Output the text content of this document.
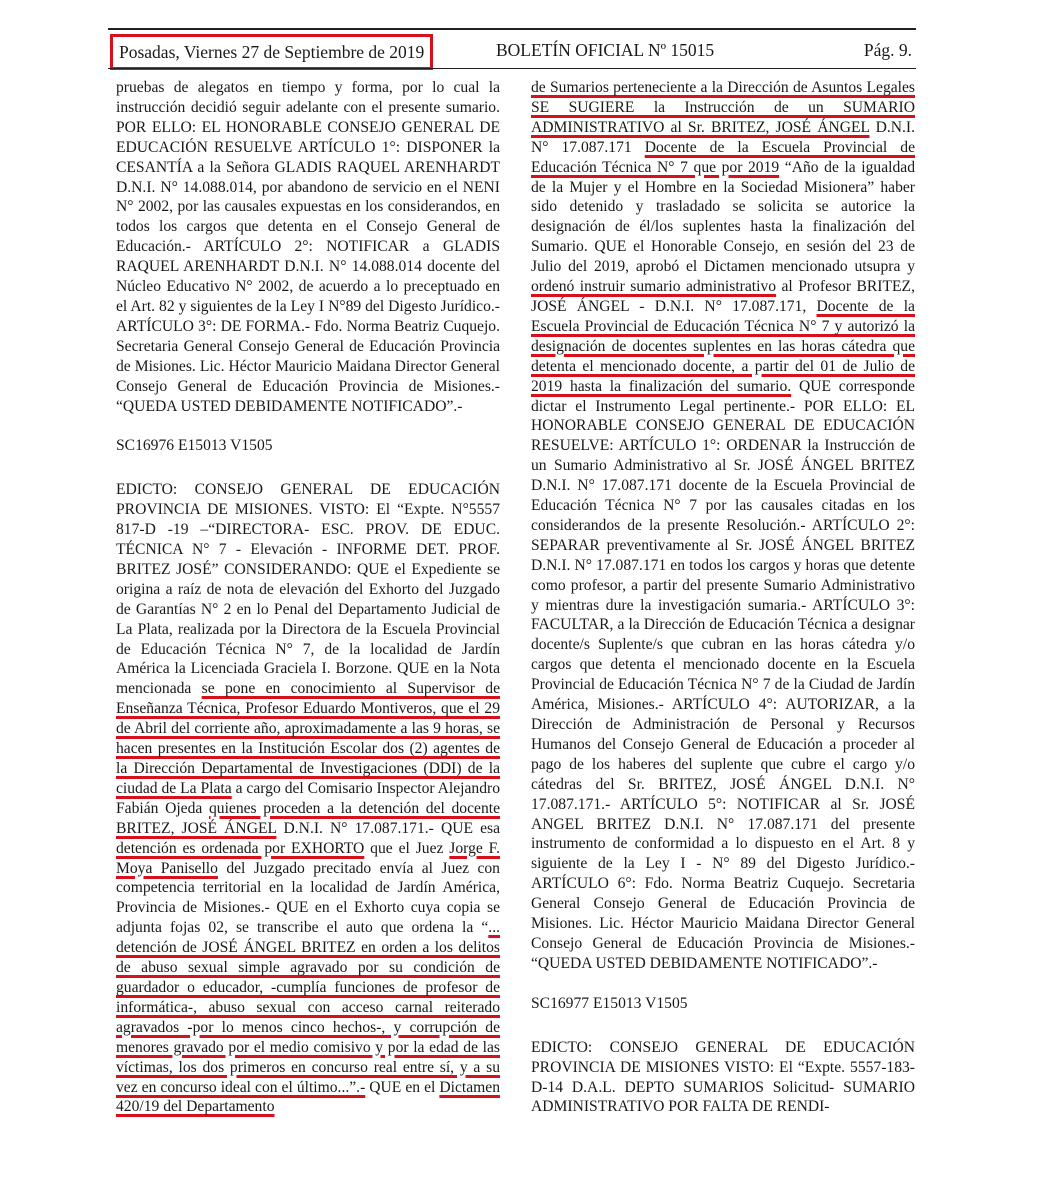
Posadas, Viernes 27 de Septiembre de 2019	BOLETÍN OFICIAL Nº 15015	Pág. 9.

pruebas de alegatos en tiempo y forma, por lo cual la instrucción decidió seguir adelante con el presente sumario. POR ELLO: EL HONORABLE CONSEJO GENERAL DE EDUCACIÓN RESUELVE ARTÍCULO 1°: DISPONER la CESANTÍA a la Señora GLADIS RAQUEL ARENHARDT D.N.I. N° 14.088.014, por abandono de servicio en el NENI N° 2002, por las causales expuestas en los considerandos, en todos los cargos que detenta en el Consejo General de Educación.- ARTÍCULO 2°: NOTIFICAR a GLADIS RAQUEL ARENHARDT D.N.I. N° 14.088.014 docente del Núcleo Educativo N° 2002, de acuerdo a lo preceptuado en el Art. 82 y siguientes de la Ley I N°89 del Digesto Jurídico.- ARTÍCULO 3°: DE FORMA.- Fdo. Norma Beatriz Cuquejo. Secretaria General Consejo General de Educación Provincia de Misiones. Lic. Héctor Mauricio Maidana Director General Consejo General de Educación Provincia de Misiones.- “QUEDA USTED DEBIDAMENTE NOTIFICADO”.-

SC16976 E15013 V1505

EDICTO: CONSEJO GENERAL DE EDUCACIÓN PROVINCIA DE MISIONES. VISTO: El “Expte. N°5557 817-D -19 –“DIRECTORA- ESC. PROV. DE EDUC. TÉCNICA N° 7 - Elevación - INFORME DET. PROF. BRITEZ JOSÉ” CONSIDERANDO: QUE el Expediente se origina a raíz de nota de elevación del Exhorto del Juzgado de Garantías N° 2 en lo Penal del Departamento Judicial de La Plata, realizada por la Directora de la Escuela Provincial de Educación Técnica N° 7, de la localidad de Jardín América la Licenciada Graciela I. Borzone. QUE en la Nota mencionada se pone en conocimiento al Supervisor de Enseñanza Técnica, Profesor Eduardo Montiveros, que el 29 de Abril del corriente año, aproximadamente a las 9 horas, se hacen presentes en la Institución Escolar dos (2) agentes de la Dirección Departamental de Investigaciones (DDI) de la ciudad de La Plata a cargo del Comisario Inspector Alejandro Fabián Ojeda quienes proceden a la detención del docente BRITEZ, JOSÉ ÁNGEL D.N.I. N° 17.087.171.- QUE esa detención es ordenada por EXHORTO que el Juez Jorge F. Moya Panisello del Juzgado precitado envía al Juez con competencia territorial en la localidad de Jardín América, Provincia de Misiones.- QUE en el Exhorto cuya copia se adjunta fojas 02, se transcribe el auto que ordena la “... detención de JOSÉ ÁNGEL BRITEZ en orden a los delitos de abuso sexual simple agravado por su condición de guardador o educador, -cumplía funciones de profesor de informática-, abuso sexual con acceso carnal reiterado agravados -por lo menos cinco hechos-, y corrupción de menores gravado por el medio comisivo y por la edad de las víctimas, los dos primeros en concurso real entre sí, y a su vez en concurso ideal con el último...”.- QUE en el Dictamen 420/19 del Departamento

de Sumarios perteneciente a la Dirección de Asuntos Legales SE SUGIERE la Instrucción de un SUMARIO ADMINISTRATIVO al Sr. BRITEZ, JOSÉ ÁNGEL D.N.I. N° 17.087.171 Docente de la Escuela Provincial de Educación Técnica N° 7 que por 2019 “Año de la igualdad de la Mujer y el Hombre en la Sociedad Misionera” haber sido detenido y trasladado se solicita se autorice la designación de él/los suplentes hasta la finalización del Sumario. QUE el Honorable Consejo, en sesión del 23 de Julio del 2019, aprobó el Dictamen mencionado utsupra y ordenó instruir sumario administrativo al Profesor BRITEZ, JOSÉ ÁNGEL - D.N.I. N° 17.087.171, Docente de la Escuela Provincial de Educación Técnica N° 7 y autorizó la designación de docentes suplentes en las horas cátedra que detenta el mencionado docente, a partir del 01 de Julio de 2019 hasta la finalización del sumario. QUE corresponde dictar el Instrumento Legal pertinente.- POR ELLO: EL HONORABLE CONSEJO GENERAL DE EDUCACIÓN RESUELVE: ARTÍCULO 1°: ORDENAR la Instrucción de un Sumario Administrativo al Sr. JOSÉ ÁNGEL BRITEZ D.N.I. N° 17.087.171 docente de la Escuela Provincial de Educación Técnica N° 7 por las causales citadas en los considerandos de la presente Resolución.- ARTÍCULO 2°: SEPARAR preventivamente al Sr. JOSÉ ÁNGEL BRITEZ D.N.I. N° 17.087.171 en todos los cargos y horas que detente como profesor, a partir del presente Sumario Administrativo y mientras dure la investigación sumaria.- ARTÍCULO 3°: FACULTAR, a la Dirección de Educación Técnica a designar docente/s Suplente/s que cubran en las horas cátedra y/o cargos que detenta el mencionado docente en la Escuela Provincial de Educación Técnica N° 7 de la Ciudad de Jardín América, Misiones.- ARTÍCULO 4°: AUTORIZAR, a la Dirección de Administración de Personal y Recursos Humanos del Consejo General de Educación a proceder al pago de los haberes del suplente que cubre el cargo y/o cátedras del Sr. BRITEZ, JOSÉ ÁNGEL D.N.I. N° 17.087.171.- ARTÍCULO 5°: NOTIFICAR al Sr. JOSÉ ANGEL BRITEZ D.N.I. N° 17.087.171 del presente instrumento de conformidad a lo dispuesto en el Art. 8 y siguiente de la Ley I - N° 89 del Digesto Jurídico.- ARTÍCULO 6°: Fdo. Norma Beatriz Cuquejo. Secretaria General Consejo General de Educación Provincia de Misiones. Lic. Héctor Mauricio Maidana Director General Consejo General de Educación Provincia de Misiones.- “QUEDA USTED DEBIDAMENTE NOTIFICADO”.-

SC16977 E15013 V1505

EDICTO: CONSEJO GENERAL DE EDUCACIÓN PROVINCIA DE MISIONES VISTO: El “Expte. 5557-183-D-14 D.A.L. DEPTO SUMARIOS Solicitud- SUMARIO ADMINISTRATIVO POR FALTA DE RENDI-
